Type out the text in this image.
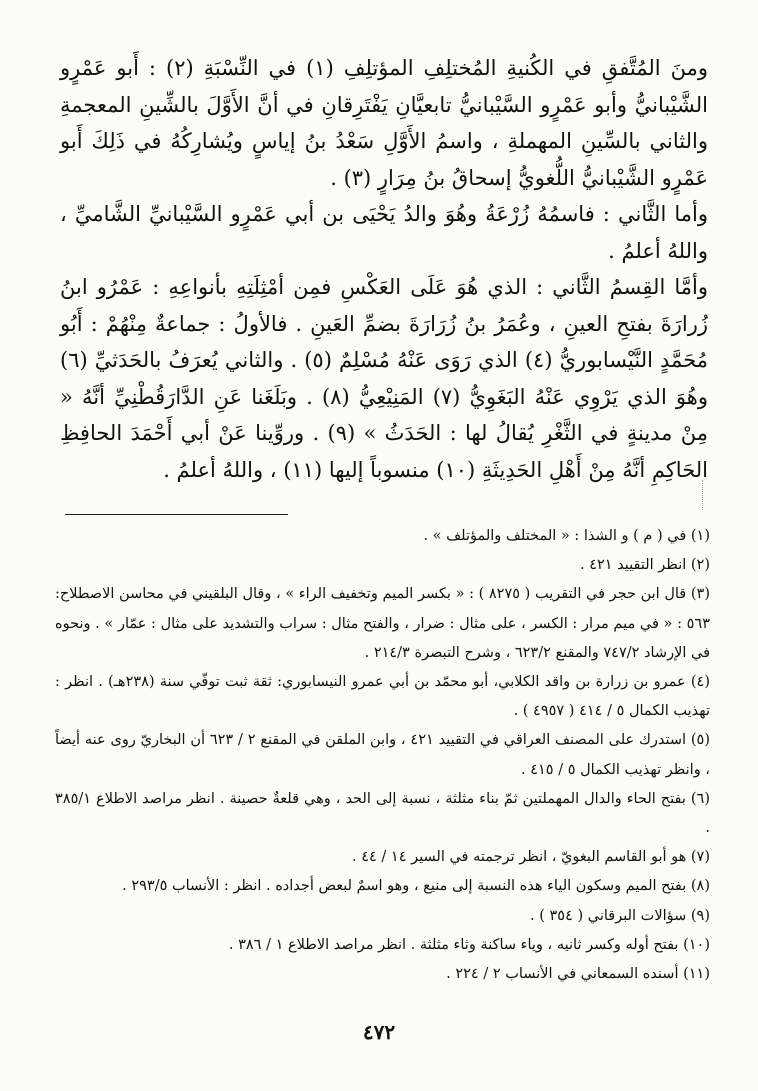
ومنَ المُتَّفقِ في الكُنيةِ المُختلِفِ المؤتلِفِ (١) في النِّسْبَةِ (٢) : أَبو عَمْرٍو الشَّيْبانيُّ وأبو عَمْرٍو السَّيْبانيُّ تابعيَّانِ يَفْتَرِقانِ في أنَّ الأَوَّلَ بالشِّينِ المعجمةِ والثاني بالسِّينِ المهملةِ ، واسمُ الأَوَّلِ سَعْدُ بنُ إياسٍ ويُشارِكُهُ في ذَلِكَ أَبو عَمْرٍو الشَّيْبانيُّ اللُّغويُّ إسحاقُ بنُ مِرَارٍ (٣) .

وأما الثَّاني : فاسمُهُ زُرْعَةُ وهُوَ والدُ يَحْيَى بن أبي عَمْرٍو السَّيْبانيِّ الشَّاميِّ ، واللهُ أعلمُ .

وأمَّا القِسمُ الثَّاني : الذي هُوَ عَلَى العَكْسِ فمِن أمْثِلَتِهِ بأنواعِهِ : عَمْرُو ابنُ زُرارَةَ بفتحِ العينِ ، وعُمَرُ بنُ زُرَارَةَ بضمِّ العَينِ . فالأولُ : جماعةٌ مِنْهُمْ : أَبُو مُحَمَّدٍ النَّيْسابوريُّ (٤) الذي رَوَى عَنْهُ مُسْلِمٌ (٥) . والثاني يُعرَفُ بالحَدَثيِّ (٦) وهُوَ الذي يَرْوِي عَنْهُ البَغَوِيُّ (٧) المَنِيْعِيُّ (٨) . وبَلَغَنا عَنِ الدَّارَقُطْنِيِّ أنَّهُ « مِنْ مدينةٍ في الثَّغْرِ يُقالُ لها : الحَدَثُ » (٩) . وروِّينا عَنْ أبي أَحْمَدَ الحافِظِ الحَاكِمِ أنَّهُ مِنْ أَهْلِ الحَدِيثَةِ (١٠) منسوباً إليها (١١) ، واللهُ أعلمُ .

(١) في ( م ) و الشذا : « المختلف والمؤتلف » .

(٢) انظر التقييد ٤٢١ .

(٣) قال ابن حجر في التقريب ( ٨٢٧٥ ) : « بكسر الميم وتخفيف الراء » ، وقال البلقيني في محاسن الاصطلاح: ٥٦٣ : « في ميم مرار : الكسر ، على مثال : ضرار ، والفتح مثال : سراب والتشديد على مثال : عمّار » . ونحوه في الإرشاد ٧٤٧/٢ والمقنع ٦٢٣/٢ ، وشرح التبصرة ٢١٤/٣ .

(٤) عمرو بن زرارة بن واقد الكلابي، أبو محمّد بن أبي عمرو النيسابوري: ثقة ثبت توفّي سنة (٢٣٨هـ) . انظر : تهذيب الكمال ٥ / ٤١٤ ( ٤٩٥٧ ) .

(٥) استدرك على المصنف العراقي في التقييد ٤٢١ ، وابن الملقن في المقنع ٢ / ٦٢٣ أن البخاريّ روى عنه أيضاً ، وانظر تهذيب الكمال ٥ / ٤١٥ .

(٦) بفتح الحاء والدال المهملتين ثمّ بناء مثلثة ، نسبة إلى الحد ، وهي قلعةٌ حصينة . انظر مراصد الاطلاع ٣٨٥/١ .

(٧) هو أبو القاسم البغويّ ، انظر ترجمته في السير ١٤ / ٤٤ .

(٨) بفتح الميم وسكون الياء هذه النسبة إلى منيع ، وهو اسمٌ لبعض أجداده . انظر : الأنساب ٢٩٣/٥ .

(٩) سؤالات البرقاني ( ٣٥٤ ) .

(١٠) بفتح أوله وكسر ثانيه ، وياء ساكنة وثاء مثلثة . انظر مراصد الاطلاع ١ / ٣٨٦ .

(١١) أسنده السمعاني في الأنساب ٢ / ٢٢٤ .

٤٧٢
